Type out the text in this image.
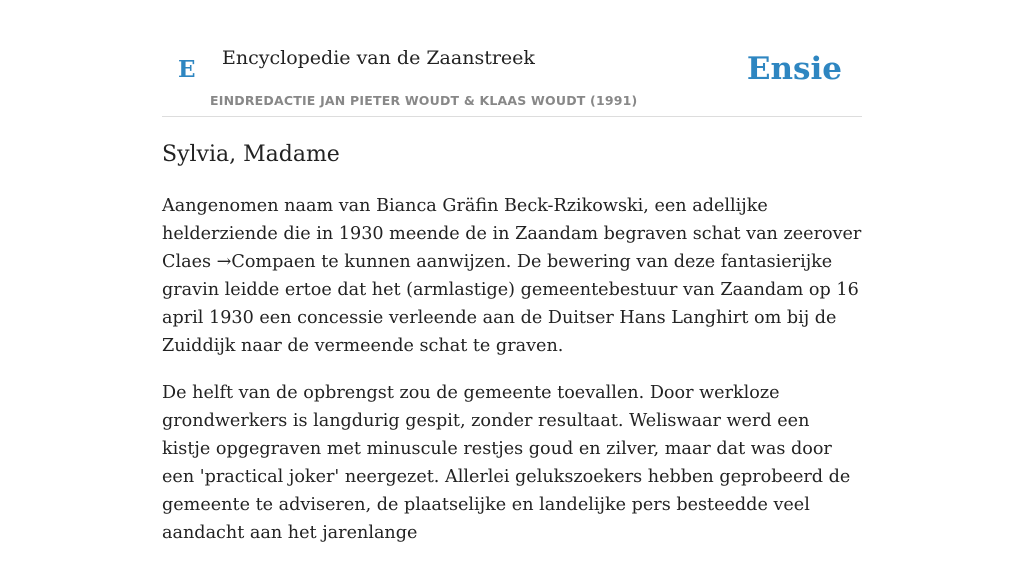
E Encyclopedie van de Zaanstreek	Ensie
EINDREDACTIE JAN PIETER WOUDT & KLAAS WOUDT (1991)
Sylvia, Madame

Aangenomen naam van Bianca Gräfin Beck-Rzikowski, een adellijke helderziende die in 1930 meende de in Zaandam begraven schat van zeerover Claes →Compaen te kunnen aanwijzen. De bewering van deze fantasierijke gravin leidde ertoe dat het (armlastige) gemeentebestuur van Zaandam op 16 april 1930 een concessie verleende aan de Duitser Hans Langhirt om bij de Zuiddijk naar de vermeende schat te graven.

De helft van de opbrengst zou de gemeente toevallen. Door werkloze grondwerkers is langdurig gespit, zonder resultaat. Weliswaar werd een kistje opgegraven met minuscule restjes goud en zilver, maar dat was door een 'practical joker' neergezet. Allerlei gelukszoekers hebben geprobeerd de gemeente te adviseren, de plaatselijke en landelijke pers besteedde veel aandacht aan het jarenlange
